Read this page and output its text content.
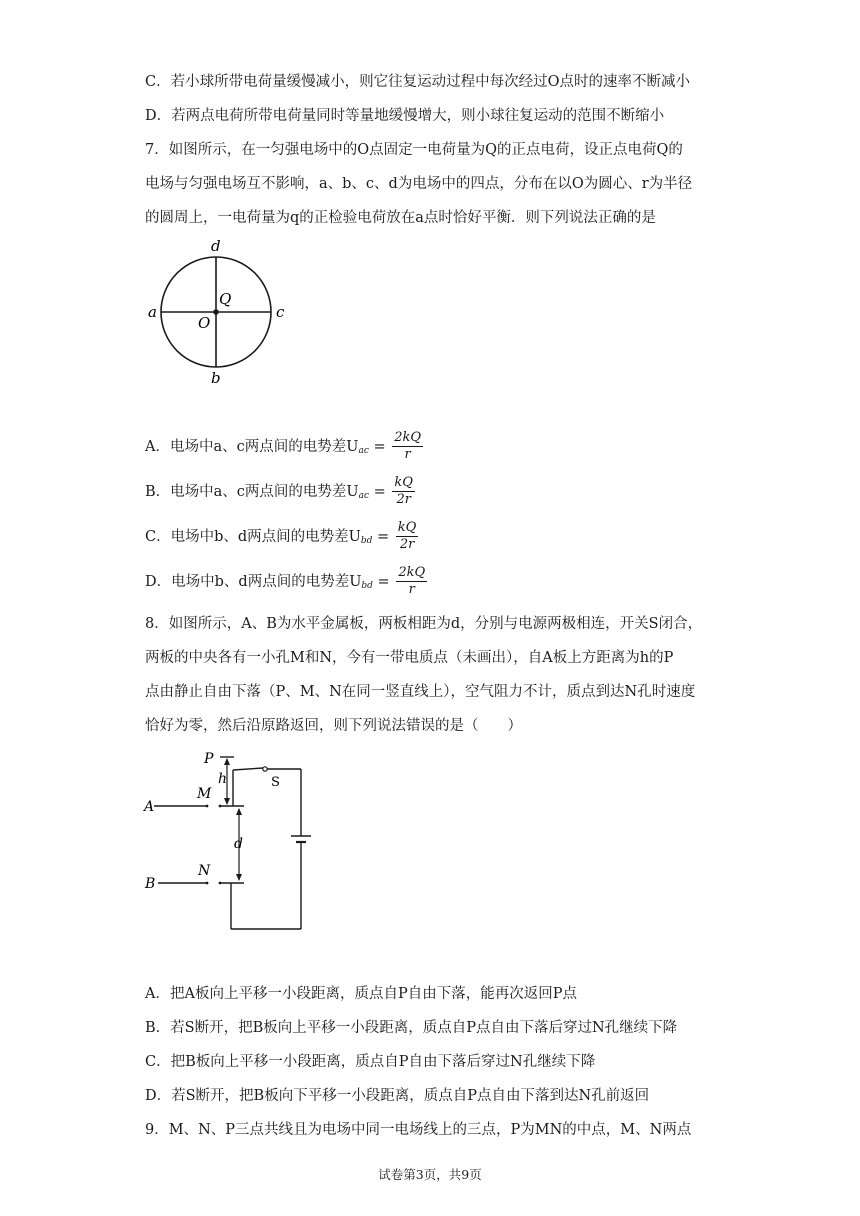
C．若小球所带电荷量缓慢减小，则它往复运动过程中每次经过O点时的速率不断减小
D．若两点电荷所带电荷量同时等量地缓慢增大，则小球往复运动的范围不断缩小
7．如图所示，在一匀强电场中的O点固定一电荷量为Q的正点电荷，设正点电荷Q的
电场与匀强电场互不影响，a、b、c、d为电场中的四点，分布在以O为圆心、r为半径
的圆周上，一电荷量为q的正检验电荷放在a点时恰好平衡．则下列说法正确的是
d
b
a	c
Q
O
A．电场中a、c两点间的电势差U ac = $\frac{2kQ}{r}$
B．电场中a、c两点间的电势差U ac = $\frac{kQ}{2r}$
C．电场中b、d两点间的电势差U bd = $\frac{kQ}{2r}$
D．电场中b、d两点间的电势差U bd = $\frac{2kQ}{r}$
8．如图所示，A、B为水平金属板，两板相距为d，分别与电源两极相连，开关S闭合，
两板的中央各有一小孔M和N，今有一带电质点（未画出），自A板上方距离为h的P
点由静止自由下落（P、M、N在同一竖直线上），空气阻力不计，质点到达N孔时速度
恰好为零，然后沿原路返回，则下列说法错误的是（　　）
P
h	S
A
M
d
B
N
A．把A板向上平移一小段距离，质点自P自由下落，能再次返回P点
B．若S断开，把B板向上平移一小段距离，质点自P点自由下落后穿过N孔继续下降
C．把B板向上平移一小段距离，质点自P自由下落后穿过N孔继续下降
D．若S断开，把B板向下平移一小段距离，质点自P点自由下落到达N孔前返回
9．M、N、P三点共线且为电场中同一电场线上的三点，P为MN的中点，M、N两点
试卷第3页，共9页
